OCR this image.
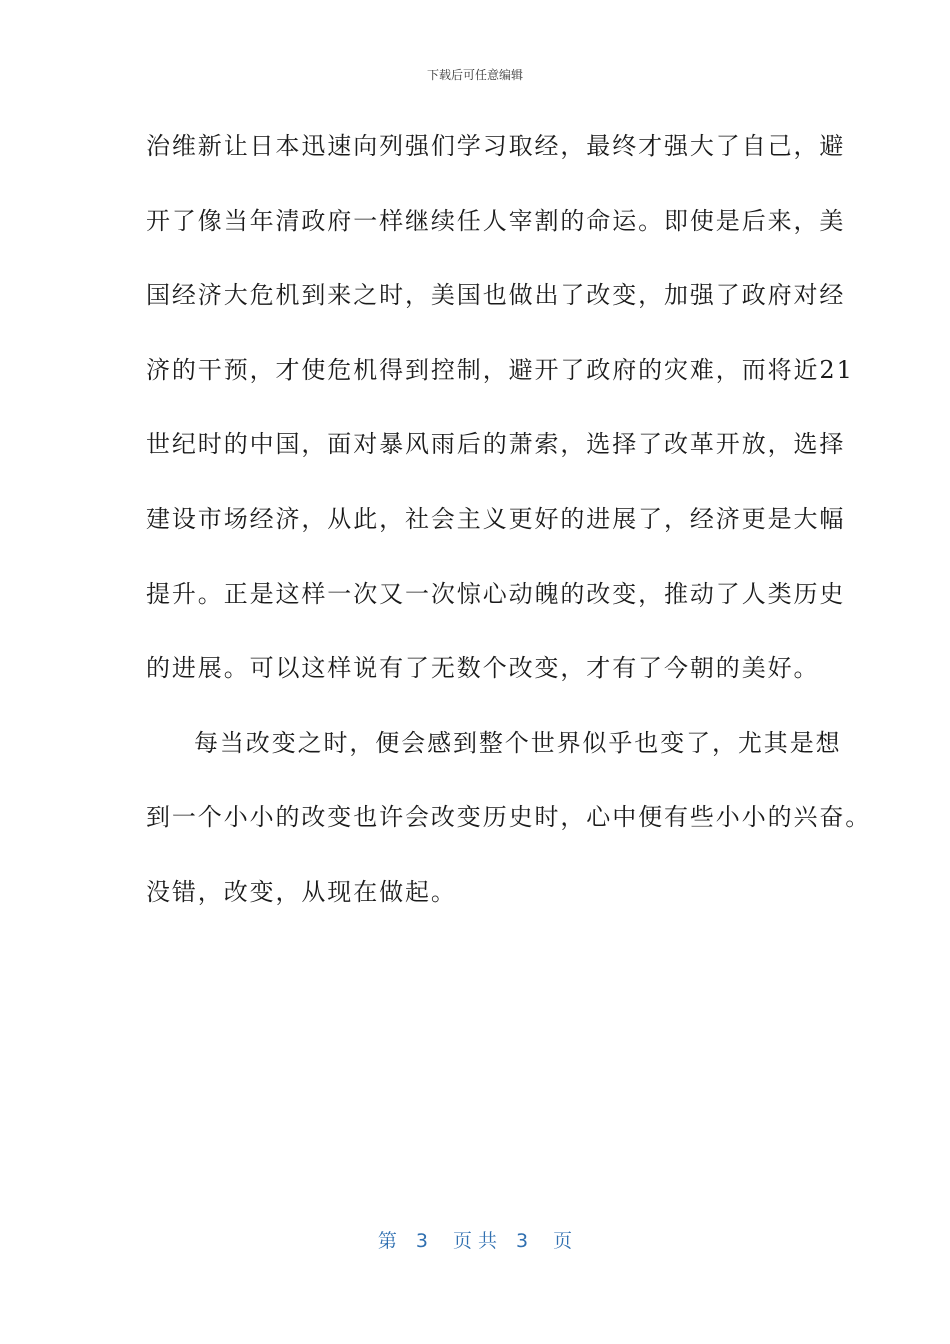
下载后可任意编辑
治维新让日本迅速向列强们学习取经，最终才强大了自己，避
开了像当年清政府一样继续任人宰割的命运。即使是后来，美
国经济大危机到来之时，美国也做出了改变，加强了政府对经
济的干预，才使危机得到控制，避开了政府的灾难，而将近21
世纪时的中国，面对暴风雨后的萧索，选择了改革开放，选择
建设市场经济，从此，社会主义更好的进展了，经济更是大幅
提升。正是这样一次又一次惊心动魄的改变，推动了人类历史
的进展。可以这样说有了无数个改变，才有了今朝的美好。
每当改变之时，便会感到整个世界似乎也变了，尤其是想
到一个小小的改变也许会改变历史时，心中便有些小小的兴奋。
没错，改变，从现在做起。
第　3　 页 共　3　 页
